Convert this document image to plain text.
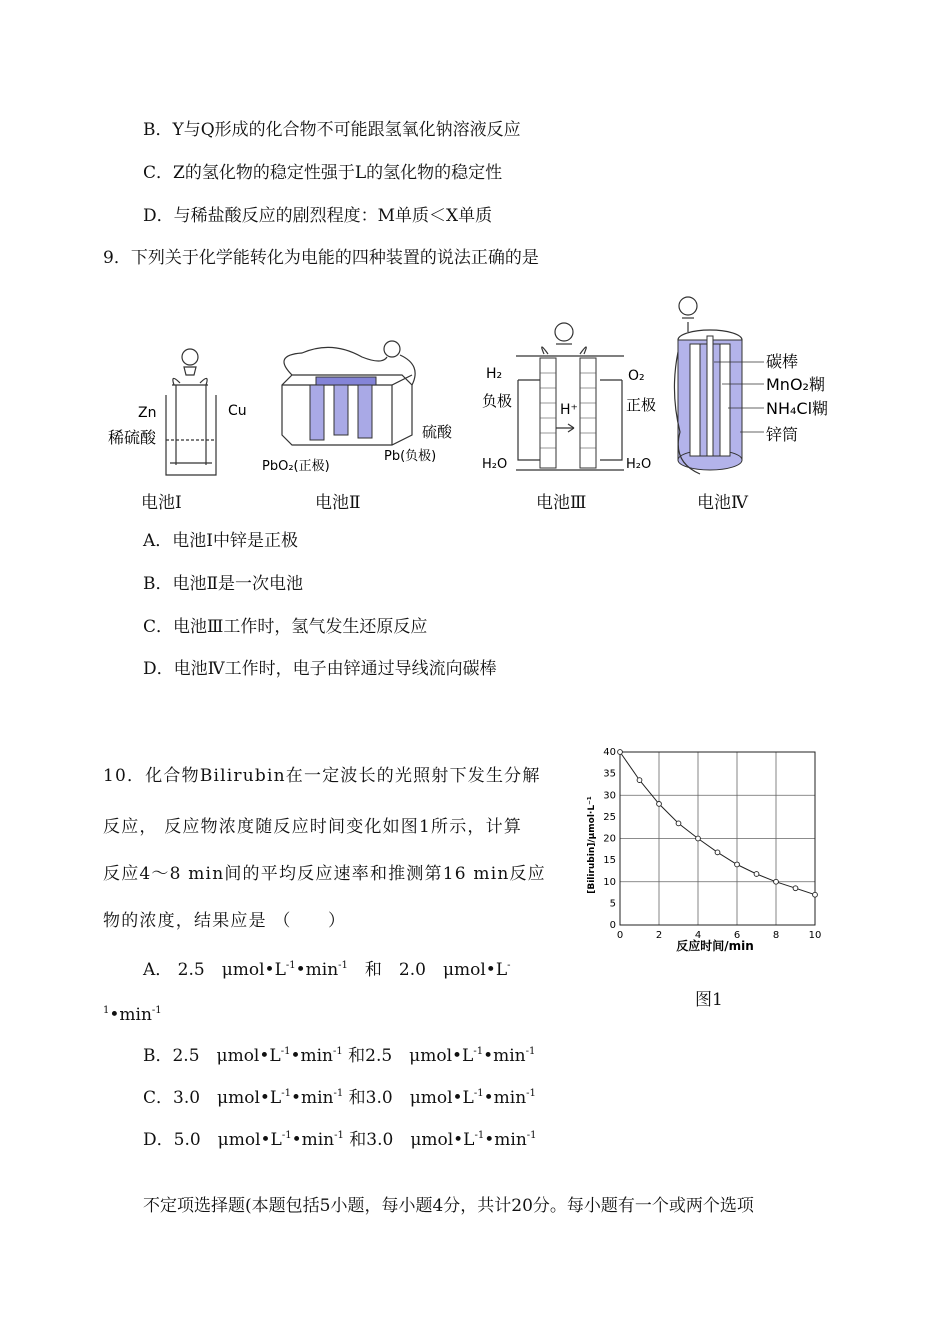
B．Y与Q形成的化合物不可能跟氢氧化钠溶液反应
C．Z的氢化物的稳定性强于L的氢化物的稳定性
D．与稀盐酸反应的剧烈程度：M单质＜X单质
9．下列关于化学能转化为电能的四种装置的说法正确的是
Zn	Cu
稀硫酸
电池Ⅰ
硫酸
PbO₂(正极)
Pb(负极)
电池Ⅱ
H₂	O₂
负极	H⁺	正极
H₂O	H₂O
电池Ⅲ
碳棒
MnO₂糊
NH₄Cl糊
锌筒
电池Ⅳ
A．电池Ⅰ中锌是正极
B．电池Ⅱ是一次电池
C．电池Ⅲ工作时，氢气发生还原反应
D．电池Ⅳ工作时，电子由锌通过导线流向碳棒
10．化合物Bilirubin在一定波长的光照射下发生分解
反应， 反应物浓度随反应时间变化如图1所示，计算
反应4～8 min间的平均反应速率和推测第16 min反应
物的浓度，结果应是 （　　）
A． 2.5　$\mu mol•L^{-1}•\min^{-1}$　和　2.0　μmol•L-
$^1•\min^{-1}$
B．2.5　$\mu mol•L^{-1}•\min^{-1}$ 和2.5　$\mu mol•L^{-1}•\min^{-1}$
C．3.0　$\mu mol•L^{-1}•\min^{-1}$ 和3.0　$\mu mol•L^{-1}•\min^{-1}$
D．5.0　$\mu mol•L^{-1}•\min^{-1}$ 和3.0　$\mu mol•L^{-1}•\min^{-1}$
0	2	4	6	8	10
0
5
10
15
20
25
30
35
40
反应时间/min
[Bilirubin]/μmol·L⁻¹
图1
不定项选择题(本题包括5小题，每小题4分，共计20分。每小题有一个或两个选项
